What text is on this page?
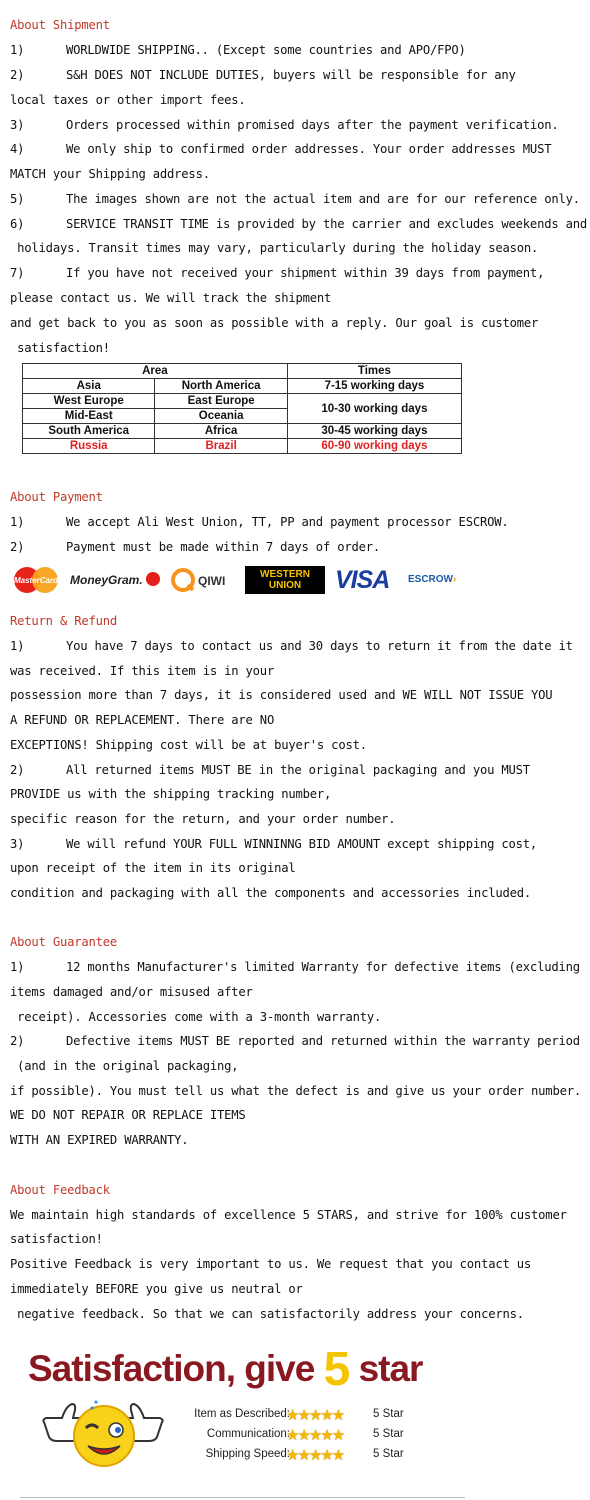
About Shipment
1)	WORLDWIDE SHIPPING.. (Except some countries and APO/FPO)
2)	S&H DOES NOT INCLUDE DUTIES, buyers will be responsible for any
local taxes or other import fees.
3)	Orders processed within promised days after the payment verification.
4)	We only ship to confirmed order addresses. Your order addresses MUST
MATCH your Shipping address.
5)	The images shown are not the actual item and are for our reference only.
6)	SERVICE TRANSIT TIME is provided by the carrier and excludes weekends and
holidays. Transit times may vary, particularly during the holiday season.
7)	If you have not received your shipment within 39 days from payment,
please contact us. We will track the shipment
and get back to you as soon as possible with a reply. Our goal is customer
satisfaction!
Area		Times
Asia	North America	7-15 working days
West Europe	East Europe	10-30 working days
Mid-East	Oceania	
South America	Africa	30-45 working days
Russia	Brazil	60-90 working days
About Payment
1)	We accept Ali West Union, TT, PP and payment processor ESCROW.
2)	Payment must be made within 7 days of order.
MasterCard MoneyGram.	QIWI	WESTERN
UNION	VISA	ESCROW›
Return & Refund
1)	You have 7 days to contact us and 30 days to return it from the date it
was received. If this item is in your
possession more than 7 days, it is considered used and WE WILL NOT ISSUE YOU
A REFUND OR REPLACEMENT. There are NO
EXCEPTIONS! Shipping cost will be at buyer's cost.
2)	All returned items MUST BE in the original packaging and you MUST
PROVIDE us with the shipping tracking number,
specific reason for the return, and your order number.
3)	We will refund YOUR FULL WINNINNG BID AMOUNT except shipping cost,
upon receipt of the item in its original
condition and packaging with all the components and accessories included.
About Guarantee
1)	12 months Manufacturer's limited Warranty for defective items (excluding
items damaged and/or misused after
receipt). Accessories come with a 3-month warranty.
2)	Defective items MUST BE reported and returned within the warranty period
(and in the original packaging,
if possible). You must tell us what the defect is and give us your order number.
WE DO NOT REPAIR OR REPLACE ITEMS
WITH AN EXPIRED WARRANTY.
About Feedback
We maintain high standards of excellence 5 STARS, and strive for 100% customer
satisfaction!
Positive Feedback is very important to us. We request that you contact us
immediately BEFORE you give us neutral or
negative feedback. So that we can satisfactorily address your concerns.
Satisfaction, give 5 star
Item as Described:
★★★★★	5 Star
Communication:
★★★★★	5 Star
Shipping Speed:
★★★★★	5 Star
